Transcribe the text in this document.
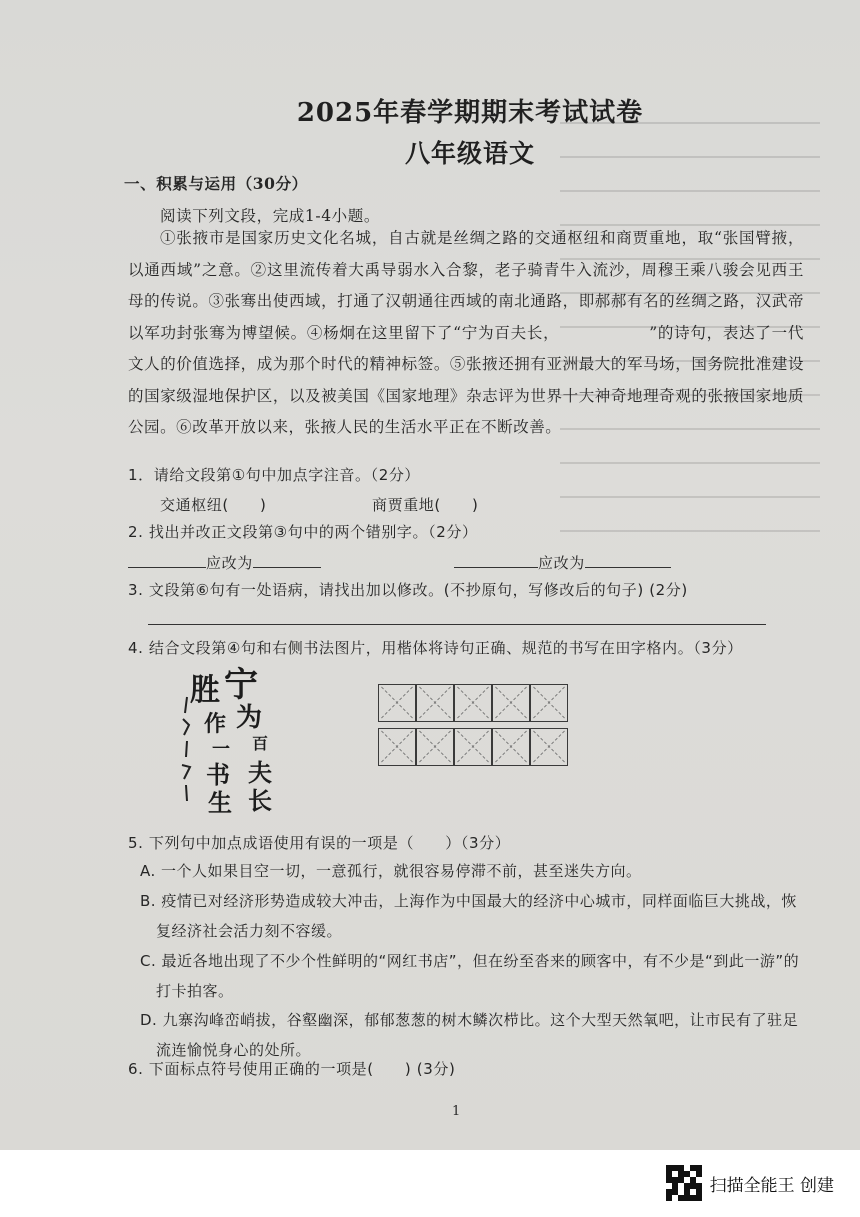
2025年春学期期末考试试卷
八年级语文
一、积累与运用（30分）
阅读下列文段，完成1-4小题。
①张掖市是国家历史文化名城，自古就是丝绸之路的交通枢纽和商贾重地，取“张国臂掖，以通西域”之意。②这里流传着大禹导弱水入合黎，老子骑青牛入流沙，周穆王乘八骏会见西王母的传说。③张骞出使西域，打通了汉朝通往西域的南北通路，即郝郝有名的丝绸之路，汉武帝以军功封张骞为博望候。④杨炯在这里留下了“宁为百夫长，　　　　　　”的诗句，表达了一代文人的价值选择，成为那个时代的精神标签。⑤张掖还拥有亚洲最大的军马场，国务院批准建设的国家级湿地保护区，以及被美国《国家地理》杂志评为世界十大神奇地理奇观的张掖国家地质公园。⑥改革开放以来，张掖人民的生活水平正在不断改善。
1．请给文段第①句中加点字注音。（2分）
交通枢纽(　　)	商贾重地(　　)
2. 找出并改正文段第③句中的两个错别字。（2分）
应改为	应改为
3. 文段第⑥句有一处语病，请找出加以修改。(不抄原句，写修改后的句子) (2分)
4. 结合文段第④句和右侧书法图片，用楷体将诗句正确、规范的书写在田字格内。（3分）
宁
为
百
夫
长
胜
作
一
书
生
5. 下列句中加点成语使用有误的一项是（　　）（3分）
A. 一个人如果目空一切，一意孤行，就很容易停滞不前，甚至迷失方向。
B. 疫情已对经济形势造成较大冲击，上海作为中国最大的经济中心城市，同样面临巨大挑战，恢复经济社会活力刻不容缓。
C. 最近各地出现了不少个性鲜明的“网红书店”，但在纷至沓来的顾客中，有不少是“到此一游”的打卡拍客。
D. 九寨沟峰峦峭拔，谷壑幽深，郁郁葱葱的树木鳞次栉比。这个大型天然氧吧，让市民有了驻足流连愉悦身心的处所。
6. 下面标点符号使用正确的一项是(　　) (3分)
1
扫描全能王 创建
